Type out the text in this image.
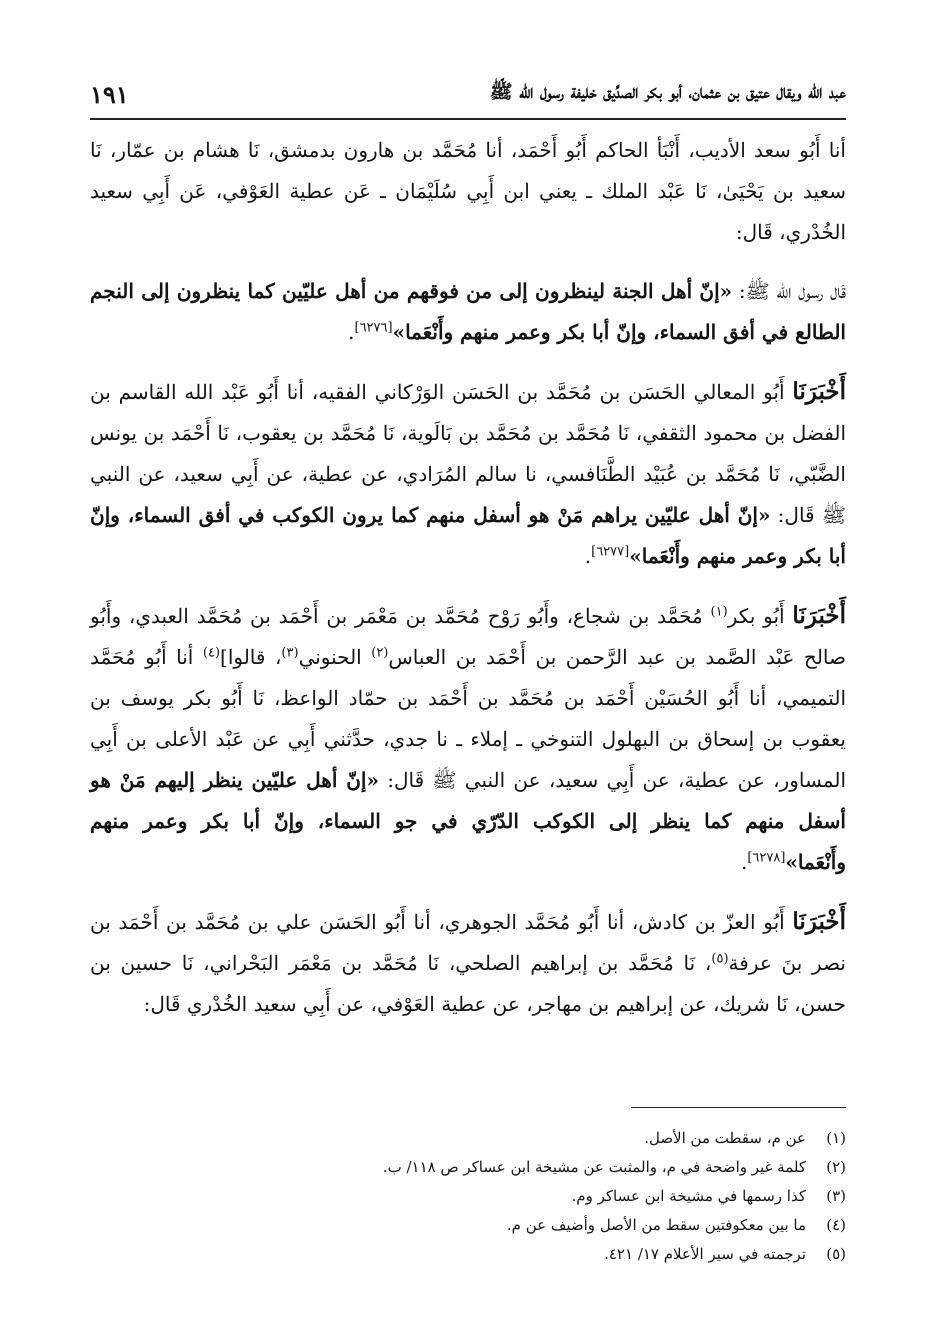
عبد الله ويقال عتيق بن عثمان، أبو بكر الصدِّيق خليفة رسول الله ﷺ
١٩١

أنا أَبُو سعد الأديب، أَنْبَأ الحاكم أَبُو أَحْمَد، أنا مُحَمَّد بن هارون بدمشق، نَا هشام بن عمّار، نَا سعيد بن يَحْيَىٰ، نَا عَبْد الملك ـ يعني ابن أَبِي سُلَيْمَان ـ عَن عطية العَوْفي، عَن أَبِي سعيد الخُدْري، قَال:

قَال رسول الله ﷺ: «إنّ أهل الجنة لينظرون إلى من فوقهم من أهل عليّين كما ينظرون إلى النجم الطالع في أفق السماء، وإنّ أبا بكر وعمر منهم وأَنْعَما»[٦٢٧٦].

أَخْبَرَنَا أَبُو المعالي الحَسَن بن مُحَمَّد بن الحَسَن الوَرْكاني الفقيه، أنا أَبُو عَبْد الله القاسم بن الفضل بن محمود الثقفي، نَا مُحَمَّد بن مُحَمَّد بن بَالَوية، نَا مُحَمَّد بن يعقوب، نَا أَحْمَد بن يونس الضَّبّي، نَا مُحَمَّد بن عُبَيْد الطَّنَافسي، نا سالم المُرَادي، عن عطية، عن أَبِي سعيد، عن النبي ﷺ قَال: «إنّ أهل عليّين يراهم مَنْ هو أسفل منهم كما يرون الكوكب في أفق السماء، وإنّ أبا بكر وعمر منهم وأَنْعَما»[٦٢٧٧].

أَخْبَرَنَا أَبُو بكر$^{(١)}$ مُحَمَّد بن شجاع، وأَبُو رَوْح مُحَمَّد بن مَعْمَر بن أَحْمَد بن مُحَمَّد العبدي، وأَبُو صالح عَبْد الصَّمد بن عبد الرَّحمن بن أَحْمَد بن العباس$^{(٢)}$ الحنوني$^{(٣)}$، قالوا]$^{(٤)}$ أنا أَبُو مُحَمَّد التميمي، أنا أَبُو الحُسَيْن أَحْمَد بن مُحَمَّد بن أَحْمَد بن حمّاد الواعظ، نَا أَبُو بكر يوسف بن يعقوب بن إسحاق بن البهلول التنوخي ـ إملاء ـ نا جدي، حدَّثني أَبِي عن عَبْد الأعلى بن أَبِي المساور، عن عطية، عن أَبِي سعيد، عن النبي ﷺ قَال: «إنّ أهل عليّين ينظر إليهم مَنْ هو أسفل منهم كما ينظر إلى الكوكب الدّرّي في جو السماء، وإنّ أبا بكر وعمر منهم وأَنْعَما»[٦٢٧٨].

أَخْبَرَنَا أَبُو العزّ بن كادش، أنا أَبُو مُحَمَّد الجوهري، أنا أَبُو الحَسَن علي بن مُحَمَّد بن أَحْمَد بن نصر بنَ عرفة$^{(٥)}$، نَا مُحَمَّد بن إبراهيم الصلحي، نَا مُحَمَّد بن مَعْمَر البَحْراني، نَا حسين بن حسن، نَا شريك، عن إبراهيم بن مهاجر، عن عطية العَوْفي، عن أَبِي سعيد الخُدْري قَال:

(١)
عن م، سقطت من الأصل.
(٢)
كلمة غير واضحة في م، والمثبت عن مشيخة ابن عساكر ص ١١٨/ ب.
(٣)
كذا رسمها في مشيخة ابن عساكر وم.
(٤)
ما بين معكوفتين سقط من الأصل وأضيف عن م.
(٥)
ترجمته في سير الأعلام ١٧/ ٤٢١.
